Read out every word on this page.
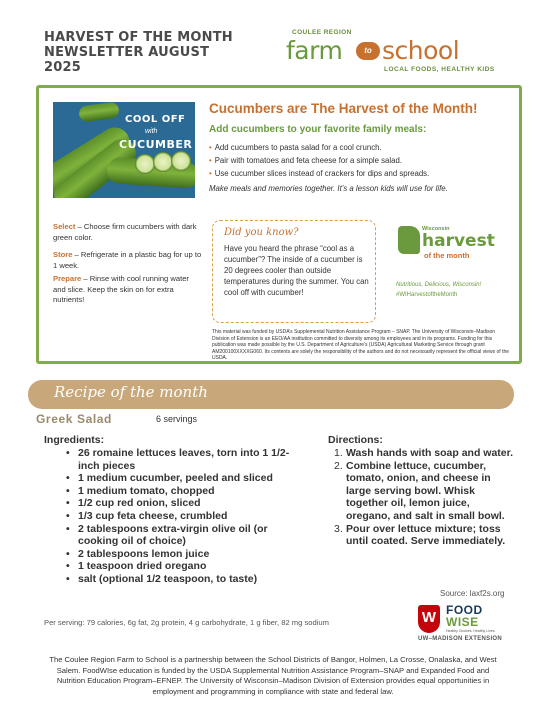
HARVEST OF THE MONTH
NEWSLETTER AUGUST
2025
COULEE REGION
farm	to school
LOCAL FOODS, HEALTHY KIDS
COOL OFF
with
CUCUMBER
Cucumbers are The Harvest of the Month!
Add cucumbers to your favorite family meals:
• Add cucumbers to pasta salad for a cool crunch.
• Pair with tomatoes and feta cheese for a simple salad.
• Use cucumber slices instead of crackers for dips and spreads.
Make meals and memories together. It’s a lesson kids will use for life.
Select – Choose firm cucumbers with dark green color.
Store – Refrigerate in a plastic bag for up to 1 week.
Prepare – Rinse with cool running water and slice. Keep the skin on for extra nutrients!
Did you know?
Have you heard the phrase “cool as a cucumber”? The inside of a cucumber is 20 degrees cooler than outside temperatures during the summer. You can cool off with cucumber!
Wisconsin
harvest
of the month
Nutritious, Delicious, Wisconsin!
#WIHarvestoftheMonth
This material was funded by USDA’s Supplemental Nutrition Assistance Program – SNAP. The University of Wisconsin–Madison Division of Extension is an EEO/AA institution committed to diversity among its employees and in its programs. Funding for this publication was made possible by the U.S. Department of Agriculture’s (USDA) Agricultural Marketing Service through grant AM200100XXXXG060. Its contents are solely the responsibility of the authors and do not necessarily represent the official views of the USDA.
Recipe of the month
Greek Salad	6 servings
Ingredients:
• 26 romaine lettuces leaves, torn into 1 1/2-inch pieces
• 1 medium cucumber, peeled and sliced
• 1 medium tomato, chopped
• 1/2 cup red onion, sliced
• 1/3 cup feta cheese, crumbled
• 2 tablespoons extra-virgin olive oil (or cooking oil of choice)
• 2 tablespoons lemon juice
• 1 teaspoon dried oregano
• salt (optional 1/2 teaspoon, to taste)
Directions:
1. Wash hands with soap and water.
2. Combine lettuce, cucumber, tomato, onion, and cheese in large serving bowl. Whisk together oil, lemon juice, oregano, and salt in small bowl.
3. Pour over lettuce mixture; toss until coated. Serve immediately.
Source: laxf2s.org
Per serving: 79 calories, 6g fat, 2g protein, 4 g carbohydrate, 1 g fiber, 82 mg sodium	W FOOD
WISE
Healthy Choices. Healthy Lives.
UW–MADISON EXTENSION
The Coulee Region Farm to School is a partnership between the School Districts of Bangor, Holmen, La Crosse, Onalaska, and West Salem. FoodWIse education is funded by the USDA Supplemental Nutrition Assistance Program–SNAP and Expanded Food and Nutrition Education Program–EFNEP. The University of Wisconsin–Madison Division of Extension provides equal opportunities in employment and programming in compliance with state and federal law.
